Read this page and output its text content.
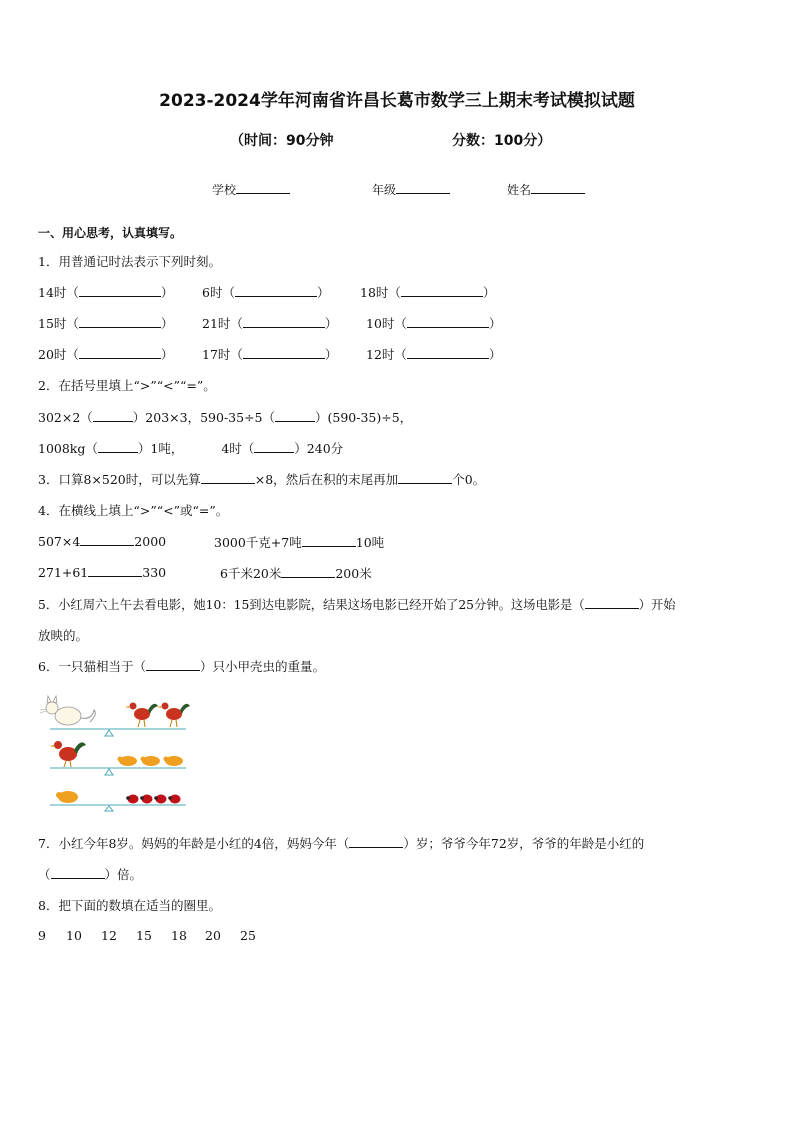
2023-2024学年河南省许昌长葛市数学三上期末考试模拟试题
（时间：90分钟	分数：100分）
学校	年级	姓名
一、用心思考，认真填写。
1．用普通记时法表示下列时刻。
14时（	） 6时（	） 18时（	）
15时（	） 21时（	） 10时（	）
20时（	） 17时（	） 12时（	）
2．在括号里填上“>”“<”“=”。
302×2（	）203×3，590-35÷5（	）(590-35)÷5，
1008kg（	）1吨，	4时（	）240分
3．口算8×520时，可以先算	×8，然后在积的末尾再加	个0。
4．在横线上填上“>”“<”或“=”。
507×4	2000	3000千克+7吨	10吨
271+61	330	6千米20米	200米
5．小红周六上午去看电影，她10：15到达电影院，结果这场电影已经开始了25分钟。这场电影是（	）开始
放映的。
6．一只猫相当于（	）只小甲壳虫的重量。
7．小红今年8岁。妈妈的年龄是小红的4倍，妈妈今年（	）岁；爷爷今年72岁，爷爷的年龄是小红的
（	）倍。
8．把下面的数填在适当的圈里。
9 10 12 15 18 20 25
